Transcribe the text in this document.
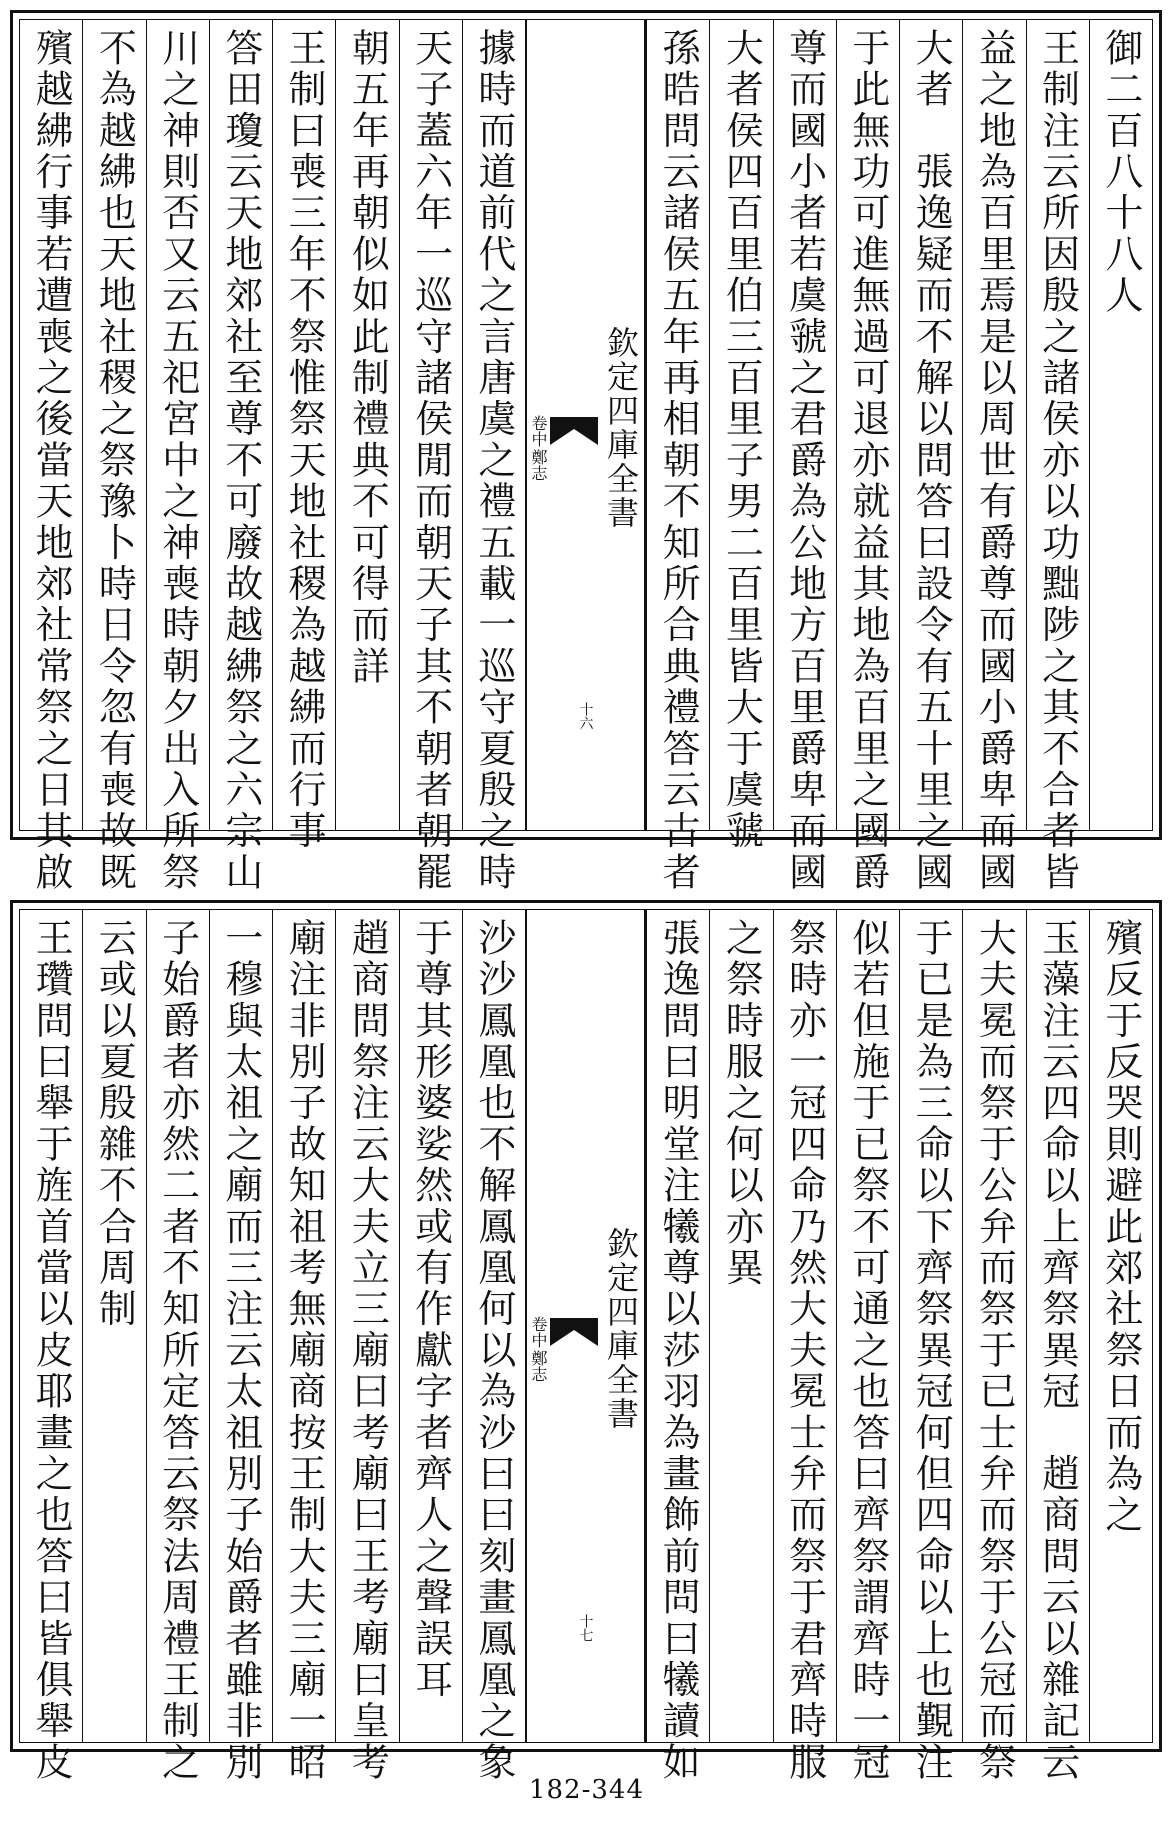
御二百八十八人
王制注云所因殷之諸侯亦以功黜陟之其不合者皆
益之地為百里焉是以周世有爵尊而國小爵卑而國
大者　張逸疑而不解以問答曰設令有五十里之國
于此無功可進無過可退亦就益其地為百里之國爵
尊而國小者若虞虢之君爵為公地方百里爵卑而國
大者侯四百里伯三百里子男二百里皆大于虞虢
孫晧問云諸侯五年再相朝不知所合典禮答云古者
欽定四庫全書
鄭志
卷中
十六
據時而道前代之言唐虞之禮五載一巡守夏殷之時
天子蓋六年一巡守諸侯閒而朝天子其不朝者朝罷
朝五年再朝似如此制禮典不可得而詳
王制曰喪三年不祭惟祭天地社稷為越紼而行事
答田瓊云天地郊社至尊不可廢故越紼祭之六宗山
川之神則否又云五祀宮中之神喪時朝夕出入所祭
不為越紼也天地社稷之祭豫卜時日令忽有喪故既
殯越紼行事若遭喪之後當天地郊社常祭之日其啟
殯反于反哭則避此郊社祭日而為之
玉藻注云四命以上齊祭異冠　趙商問云以雜記云
大夫冕而祭于公弁而祭于已士弁而祭于公冠而祭
于已是為三命以下齊祭異冠何但四命以上也覲注
似若但施于已祭不可通之也答曰齊祭謂齊時一冠
祭時亦一冠四命乃然大夫冕士弁而祭于君齊時服
之祭時服之何以亦異
張逸問曰明堂注犧尊以莎羽為畫飾前問曰犧讀如
欽定四庫全書
鄭志
卷中
十七
沙沙鳳凰也不解鳳凰何以為沙曰曰刻畫鳳凰之象
于尊其形婆娑然或有作獻字者齊人之聲誤耳
趙商問祭注云大夫立三廟曰考廟曰王考廟曰皇考
廟注非別子故知祖考無廟商按王制大夫三廟一昭
一穆與太祖之廟而三注云太祖別子始爵者雖非別
子始爵者亦然二者不知所定答云祭法周禮王制之
云或以夏殷雜不合周制
王瓚問曰舉于旌首當以皮耶畫之也答曰皆俱舉皮
182-344
